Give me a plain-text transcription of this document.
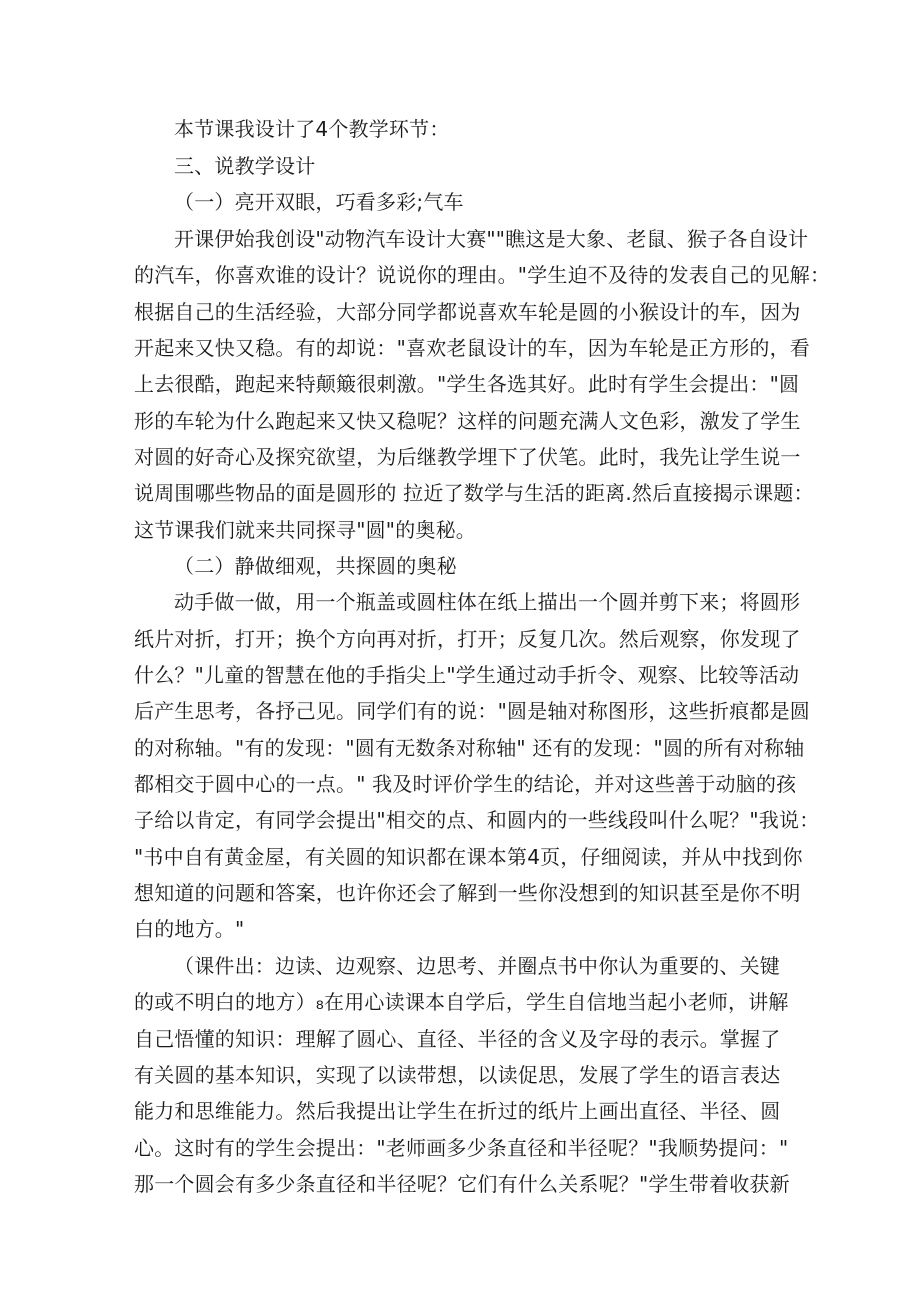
本节课我设计了4个教学环节：
三、说教学设计
（一）亮开双眼，巧看多彩;气车
开课伊始我创设"动物汽车设计大赛""瞧这是大象、老鼠、猴子各自设计
的汽车，你喜欢谁的设计？说说你的理由。"学生迫不及待的发表自己的见解：
根据自己的生活经验，大部分同学都说喜欢车轮是圆的小猴设计的车，因为
开起来又快又稳。有的却说："喜欢老鼠设计的车，因为车轮是正方形的，看
上去很酷，跑起来特颠簸很刺激。"学生各选其好。此时有学生会提出："圆
形的车轮为什么跑起来又快又稳呢？这样的问题充满人文色彩，激发了学生
对圆的好奇心及探究欲望，为后继教学埋下了伏笔。此时，我先让学生说一
说周围哪些物品的面是圆形的 拉近了数学与生活的距离.然后直接揭示课题：
这节课我们就来共同探寻"圆"的奥秘。
（二）静做细观，共探圆的奥秘
动手做一做，用一个瓶盖或圆柱体在纸上描出一个圆并剪下来；将圆形
纸片对折，打开；换个方向再对折，打开；反复几次。然后观察，你发现了
什么？"儿童的智慧在他的手指尖上"学生通过动手折令、观察、比较等活动
后产生思考，各抒己见。同学们有的说："圆是轴对称图形，这些折痕都是圆
的对称轴。"有的发现："圆有无数条对称轴" 还有的发现："圆的所有对称轴
都相交于圆中心的一点。" 我及时评价学生的结论，并对这些善于动脑的孩
子给以肯定，有同学会提出"相交的点、和圆内的一些线段叫什么呢？"我说：
"书中自有黄金屋，有关圆的知识都在课本第4页，仔细阅读，并从中找到你
想知道的问题和答案，也许你还会了解到一些你没想到的知识甚至是你不明
白的地方。"
（课件出：边读、边观察、边思考、并圈点书中你认为重要的、关键
的或不明白的地方）₈在用心读课本自学后，学生自信地当起小老师，讲解
自己悟懂的知识：理解了圆心、直径、半径的含义及字母的表示。掌握了
有关圆的基本知识，实现了以读带想，以读促思，发展了学生的语言表达
能力和思维能力。然后我提出让学生在折过的纸片上画出直径、半径、圆
心。这时有的学生会提出："老师画多少条直径和半径呢？"我顺势提问："
那一个圆会有多少条直径和半径呢？它们有什么关系呢？"学生带着收获新
